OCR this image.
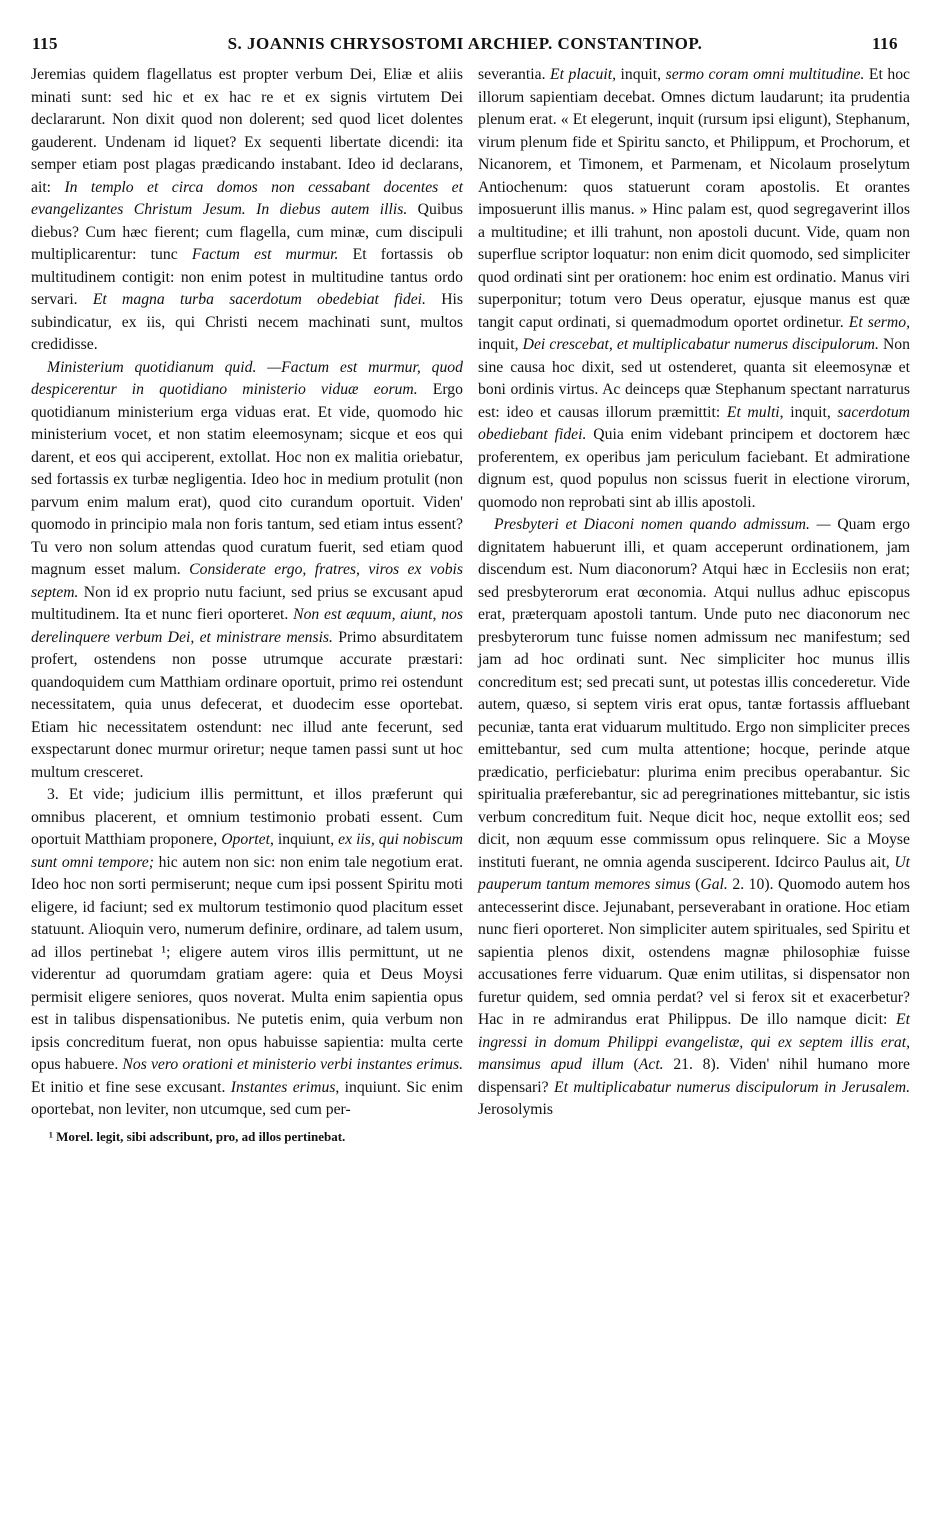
115	S. JOANNIS CHRYSOSTOMI ARCHIEP. CONSTANTINOP.	116

Jeremias quidem flagellatus est propter verbum Dei, Eliæ et aliis minati sunt: sed hic et ex hac re et ex signis virtutem Dei declararunt. Non dixit quod non dolerent; sed quod licet dolentes gauderent. Undenam id liquet? Ex sequenti libertate dicendi: ita semper etiam post plagas prædicando instabant. Ideo id declarans, ait: In templo et circa domos non cessabant docentes et evangelizantes Christum Jesum. In diebus autem illis. Quibus diebus? Cum hæc fierent; cum flagella, cum minæ, cum discipuli multiplicarentur: tunc Factum est murmur. Et fortassis ob multitudinem contigit: non enim potest in multitudine tantus ordo servari. Et magna turba sacerdotum obedebiat fidei. His subindicatur, ex iis, qui Christi necem machinati sunt, multos credidisse.

Ministerium quotidianum quid. —Factum est murmur, quod despicerentur in quotidiano ministerio viduæ eorum. Ergo quotidianum ministerium erga viduas erat. Et vide, quomodo hic ministerium vocet, et non statim eleemosynam; sicque et eos qui darent, et eos qui acciperent, extollat. Hoc non ex malitia oriebatur, sed fortassis ex turbæ negligentia. Ideo hoc in medium protulit (non parvum enim malum erat), quod cito curandum oportuit. Viden' quomodo in principio mala non foris tantum, sed etiam intus essent? Tu vero non solum attendas quod curatum fuerit, sed etiam quod magnum esset malum. Considerate ergo, fratres, viros ex vobis septem. Non id ex proprio nutu faciunt, sed prius se excusant apud multitudinem. Ita et nunc fieri oporteret. Non est æquum, aiunt, nos derelinquere verbum Dei, et ministrare mensis. Primo absurditatem profert, ostendens non posse utrumque accurate præstari: quandoquidem cum Matthiam ordinare oportuit, primo rei ostendunt necessitatem, quia unus defecerat, et duodecim esse oportebat. Etiam hic necessitatem ostendunt: nec illud ante fecerunt, sed exspectarunt donec murmur oriretur; neque tamen passi sunt ut hoc multum cresceret.

3. Et vide; judicium illis permittunt, et illos præferunt qui omnibus placerent, et omnium testimonio probati essent. Cum oportuit Matthiam proponere, Oportet, inquiunt, ex iis, qui nobiscum sunt omni tempore; hic autem non sic: non enim tale negotium erat. Ideo hoc non sorti permiserunt; neque cum ipsi possent Spiritu moti eligere, id faciunt; sed ex multorum testimonio quod placitum esset statuunt. Alioquin vero, numerum definire, ordinare, ad talem usum, ad illos pertinebat ¹; eligere autem viros illis permittunt, ut ne viderentur ad quorumdam gratiam agere: quia et Deus Moysi permisit eligere seniores, quos noverat. Multa enim sapientia opus est in talibus dispensationibus. Ne putetis enim, quia verbum non ipsis concreditum fuerat, non opus habuisse sapientia: multa certe opus habuere. Nos vero orationi et ministerio verbi instantes erimus. Et initio et fine sese excusant. Instantes erimus, inquiunt. Sic enim oportebat, non leviter, non utcumque, sed cum per-

¹ Morel. legit, sibi adscribunt, pro, ad illos pertinebat.

severantia. Et placuit, inquit, sermo coram omni multitudine. Et hoc illorum sapientiam decebat. Omnes dictum laudarunt; ita prudentia plenum erat. « Et elegerunt, inquit (rursum ipsi eligunt), Stephanum, virum plenum fide et Spiritu sancto, et Philippum, et Prochorum, et Nicanorem, et Timonem, et Parmenam, et Nicolaum proselytum Antiochenum: quos statuerunt coram apostolis. Et orantes imposuerunt illis manus. » Hinc palam est, quod segregaverint illos a multitudine; et illi trahunt, non apostoli ducunt. Vide, quam non superflue scriptor loquatur: non enim dicit quomodo, sed simpliciter quod ordinati sint per orationem: hoc enim est ordinatio. Manus viri superponitur; totum vero Deus operatur, ejusque manus est quæ tangit caput ordinati, si quemadmodum oportet ordinetur. Et sermo, inquit, Dei crescebat, et multiplicabatur numerus discipulorum. Non sine causa hoc dixit, sed ut ostenderet, quanta sit eleemosynæ et boni ordinis virtus. Ac deinceps quæ Stephanum spectant narraturus est: ideo et causas illorum præmittit: Et multi, inquit, sacerdotum obediebant fidei. Quia enim videbant principem et doctorem hæc proferentem, ex operibus jam periculum faciebant. Et admiratione dignum est, quod populus non scissus fuerit in electione virorum, quomodo non reprobati sint ab illis apostoli.

Presbyteri et Diaconi nomen quando admissum. — Quam ergo dignitatem habuerunt illi, et quam acceperunt ordinationem, jam discendum est. Num diaconorum? Atqui hæc in Ecclesiis non erat; sed presbyterorum erat œconomia. Atqui nullus adhuc episcopus erat, præterquam apostoli tantum. Unde puto nec diaconorum nec presbyterorum tunc fuisse nomen admissum nec manifestum; sed jam ad hoc ordinati sunt. Nec simpliciter hoc munus illis concreditum est; sed precati sunt, ut potestas illis concederetur. Vide autem, quæso, si septem viris erat opus, tantæ fortassis affluebant pecuniæ, tanta erat viduarum multitudo. Ergo non simpliciter preces emittebantur, sed cum multa attentione; hocque, perinde atque prædicatio, perficiebatur: plurima enim precibus operabantur. Sic spiritualia præferebantur, sic ad peregrinationes mittebantur, sic istis verbum concreditum fuit. Neque dicit hoc, neque extollit eos; sed dicit, non æquum esse commissum opus relinquere. Sic a Moyse instituti fuerant, ne omnia agenda susciperent. Idcirco Paulus ait, Ut pauperum tantum memores simus (Gal. 2. 10). Quomodo autem hos antecesserint disce. Jejunabant, perseverabant in oratione. Hoc etiam nunc fieri oporteret. Non simpliciter autem spirituales, sed Spiritu et sapientia plenos dixit, ostendens magnæ philosophiæ fuisse accusationes ferre viduarum. Quæ enim utilitas, si dispensator non furetur quidem, sed omnia perdat? vel si ferox sit et exacerbetur? Hac in re admirandus erat Philippus. De illo namque dicit: Et ingressi in domum Philippi evangelistæ, qui ex septem illis erat, mansimus apud illum (Act. 21. 8). Viden' nihil humano more dispensari? Et multiplicabatur numerus discipulorum in Jerusalem. Jerosolymis
